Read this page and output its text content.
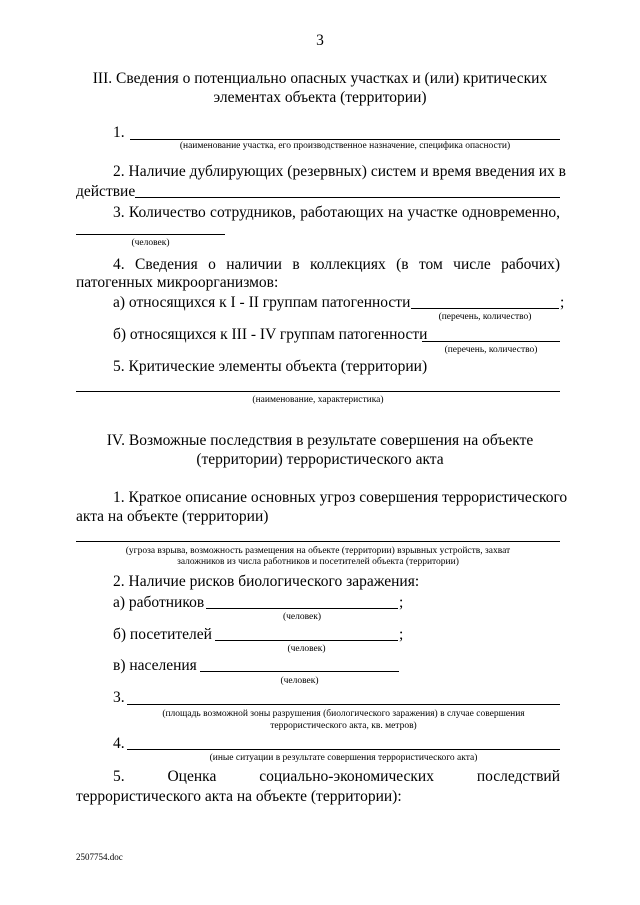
3
III. Сведения о потенциально опасных участках и (или) критических
элементах объекта (территории)
1.
(наименование участка, его производственное назначение, специфика опасности)
2. Наличие дублирующих (резервных) систем и время введения их в
действие
3. Количество сотрудников, работающих на участке одновременно,
(человек)
4. Сведения о наличии в коллекциях (в том числе рабочих)
патогенных микроорганизмов:
а) относящихся к I - II группам патогенности	;
(перечень, количество)
б) относящихся к III - IV группам патогенности
(перечень, количество)
5. Критические элементы объекта (территории)
(наименование, характеристика)
IV. Возможные последствия в результате совершения на объекте
(территории) террористического акта
1. Краткое описание основных угроз совершения террористического
акта на объекте (территории)
(угроза взрыва, возможность размещения на объекте (территории) взрывных устройств, захват
заложников из числа работников и посетителей объекта (территории)
2. Наличие рисков биологического заражения:
а) работников	;
(человек)
б) посетителей	;
(человек)
в) населения
(человек)
3.
(площадь возможной зоны разрушения (биологического заражения) в случае совершения
террористического акта, кв. метров)
4.
(иные ситуации в результате совершения террористического акта)
5. Оценка социально-экономических последствий
террористического акта на объекте (территории):
2507754.doc
